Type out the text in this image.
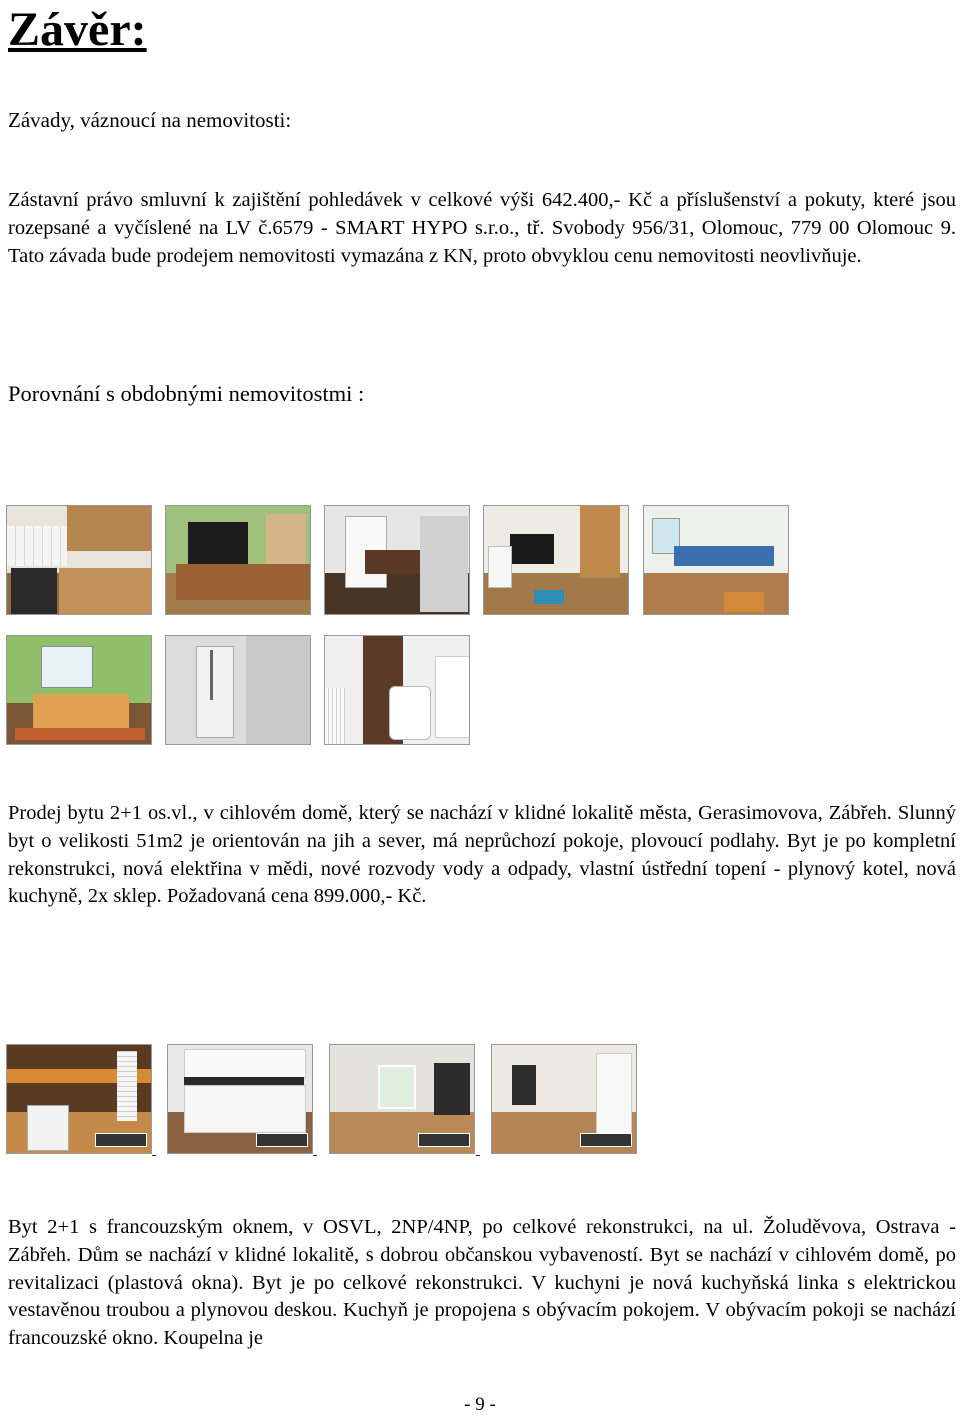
Závěr:

Závady, váznoucí na nemovitosti:

Zástavní právo smluvní k zajištění pohledávek v celkové výši 642.400,- Kč a příslušenství a pokuty, které jsou rozepsané a vyčíslené na LV č.6579 - SMART HYPO s.r.o., tř. Svobody 956/31, Olomouc, 779 00 Olomouc 9. Tato závada bude prodejem nemovitosti vymazána z KN, proto obvyklou cenu nemovitosti neovlivňuje.

Porovnání s obdobnými nemovitostmi :

Prodej bytu 2+1 os.vl., v cihlovém domě, který se nachází v klidné lokalitě města, Gerasimovova, Zábřeh. Slunný byt o velikosti 51m2 je orientován na jih a sever, má neprůchozí pokoje, plovoucí podlahy. Byt je po kompletní rekonstrukci, nová elektřina v mědi, nové rozvody vody a odpady, vlastní ústřední topení - plynový kotel, nová kuchyně, 2x sklep. Požadovaná cena 899.000,- Kč.

Byt 2+1 s francouzským oknem, v OSVL, 2NP/4NP, po celkové rekonstrukci, na ul. Žoluděvova, Ostrava - Zábřeh. Dům se nachází v klidné lokalitě, s dobrou občanskou vybaveností. Byt se nachází v cihlovém domě, po revitalizaci (plastová okna). Byt je po celkové rekonstrukci. V kuchyni je nová kuchyňská linka s elektrickou vestavěnou troubou a plynovou deskou. Kuchyň je propojena s obývacím pokojem. V obývacím pokoji se nachází francouzské okno. Koupelna je

- 9 -
